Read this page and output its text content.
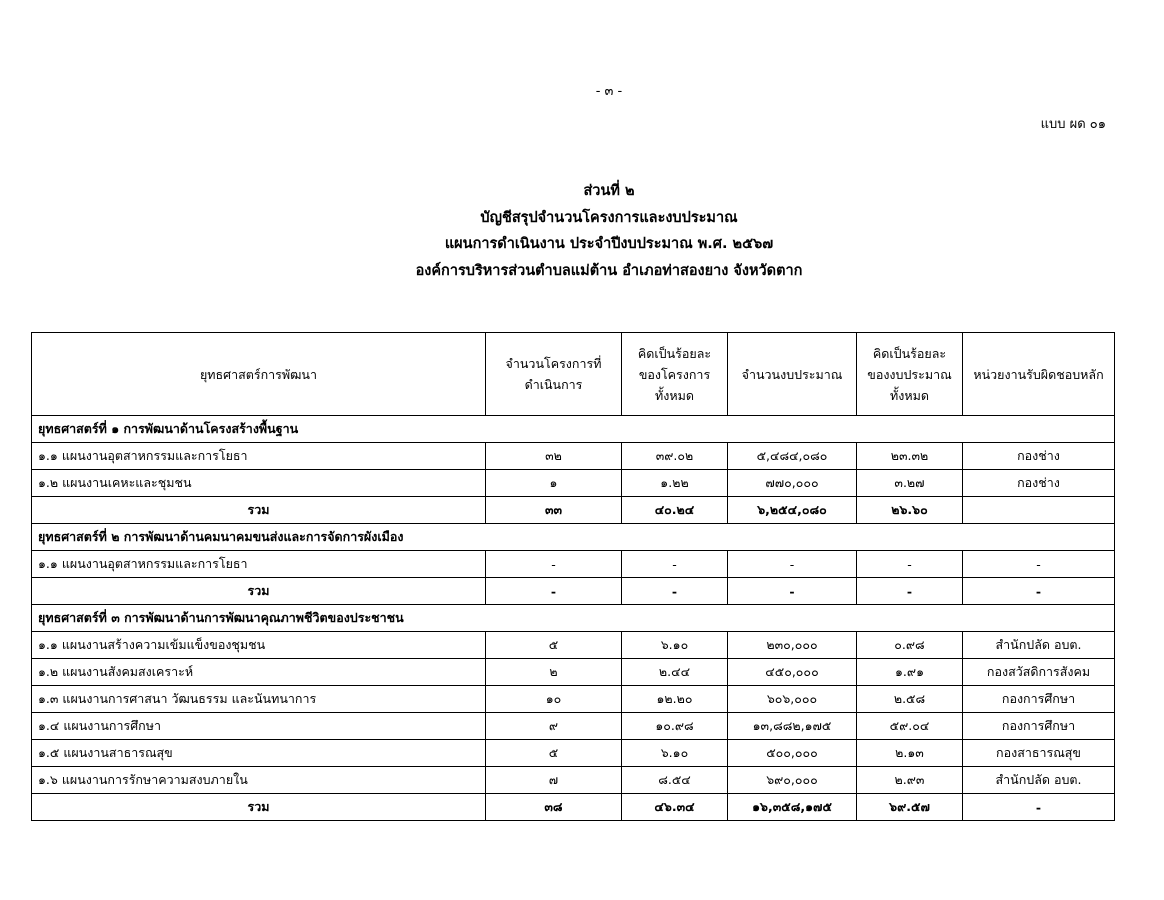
- ๓ -
แบบ ผด ๐๑
ส่วนที่ ๒
บัญชีสรุปจำนวนโครงการและงบประมาณ
แผนการดำเนินงาน ประจำปีงบประมาณ พ.ศ. ๒๕๖๗
องค์การบริหารส่วนตำบลแม่ต้าน อำเภอท่าสองยาง จังหวัดตาก
ยุทธศาสตร์การพัฒนา	จำนวนโครงการที่ดำเนินการ	คิดเป็นร้อยละของโครงการทั้งหมด	จำนวนงบประมาณ	คิดเป็นร้อยละของงบประมาณทั้งหมด	หน่วยงานรับผิดชอบหลัก
ยุทธศาสตร์ที่ ๑ การพัฒนาด้านโครงสร้างพื้นฐาน					
๑.๑ แผนงานอุตสาหกรรมและการโยธา	๓๒	๓๙.๐๒	๕,๔๘๔,๐๘๐	๒๓.๓๒	กองช่าง
๑.๒ แผนงานเคหะและชุมชน	๑	๑.๒๒	๗๗๐,๐๐๐	๓.๒๗	กองช่าง
รวม	๓๓	๔๐.๒๔	๖,๒๕๔,๐๘๐	๒๖.๖๐	
ยุทธศาสตร์ที่ ๒ การพัฒนาด้านคมนาคมขนส่งและการจัดการผังเมือง					
๑.๑ แผนงานอุตสาหกรรมและการโยธา	-	-	-	-	-
รวม	-	-	-	-	-
ยุทธศาสตร์ที่ ๓ การพัฒนาด้านการพัฒนาคุณภาพชีวิตของประชาชน					
๑.๑ แผนงานสร้างความเข้มแข็งของชุมชน	๕	๖.๑๐	๒๓๐,๐๐๐	๐.๙๘	สำนักปลัด อบต.
๑.๒ แผนงานสังคมสงเคราะห์	๒	๒.๔๔	๔๕๐,๐๐๐	๑.๙๑	กองสวัสดิการสังคม
๑.๓ แผนงานการศาสนา วัฒนธรรม และนันทนาการ	๑๐	๑๒.๒๐	๖๐๖,๐๐๐	๒.๕๘	กองการศึกษา
๑.๔ แผนงานการศึกษา	๙	๑๐.๙๘	๑๓,๘๘๒,๑๗๕	๕๙.๐๔	กองการศึกษา
๑.๕ แผนงานสาธารณสุข	๕	๖.๑๐	๕๐๐,๐๐๐	๒.๑๓	กองสาธารณสุข
๑.๖ แผนงานการรักษาความสงบภายใน	๗	๘.๕๔	๖๙๐,๐๐๐	๒.๙๓	สำนักปลัด อบต.
รวม	๓๘	๔๖.๓๔	๑๖,๓๕๘,๑๗๕	๖๙.๕๗	-
